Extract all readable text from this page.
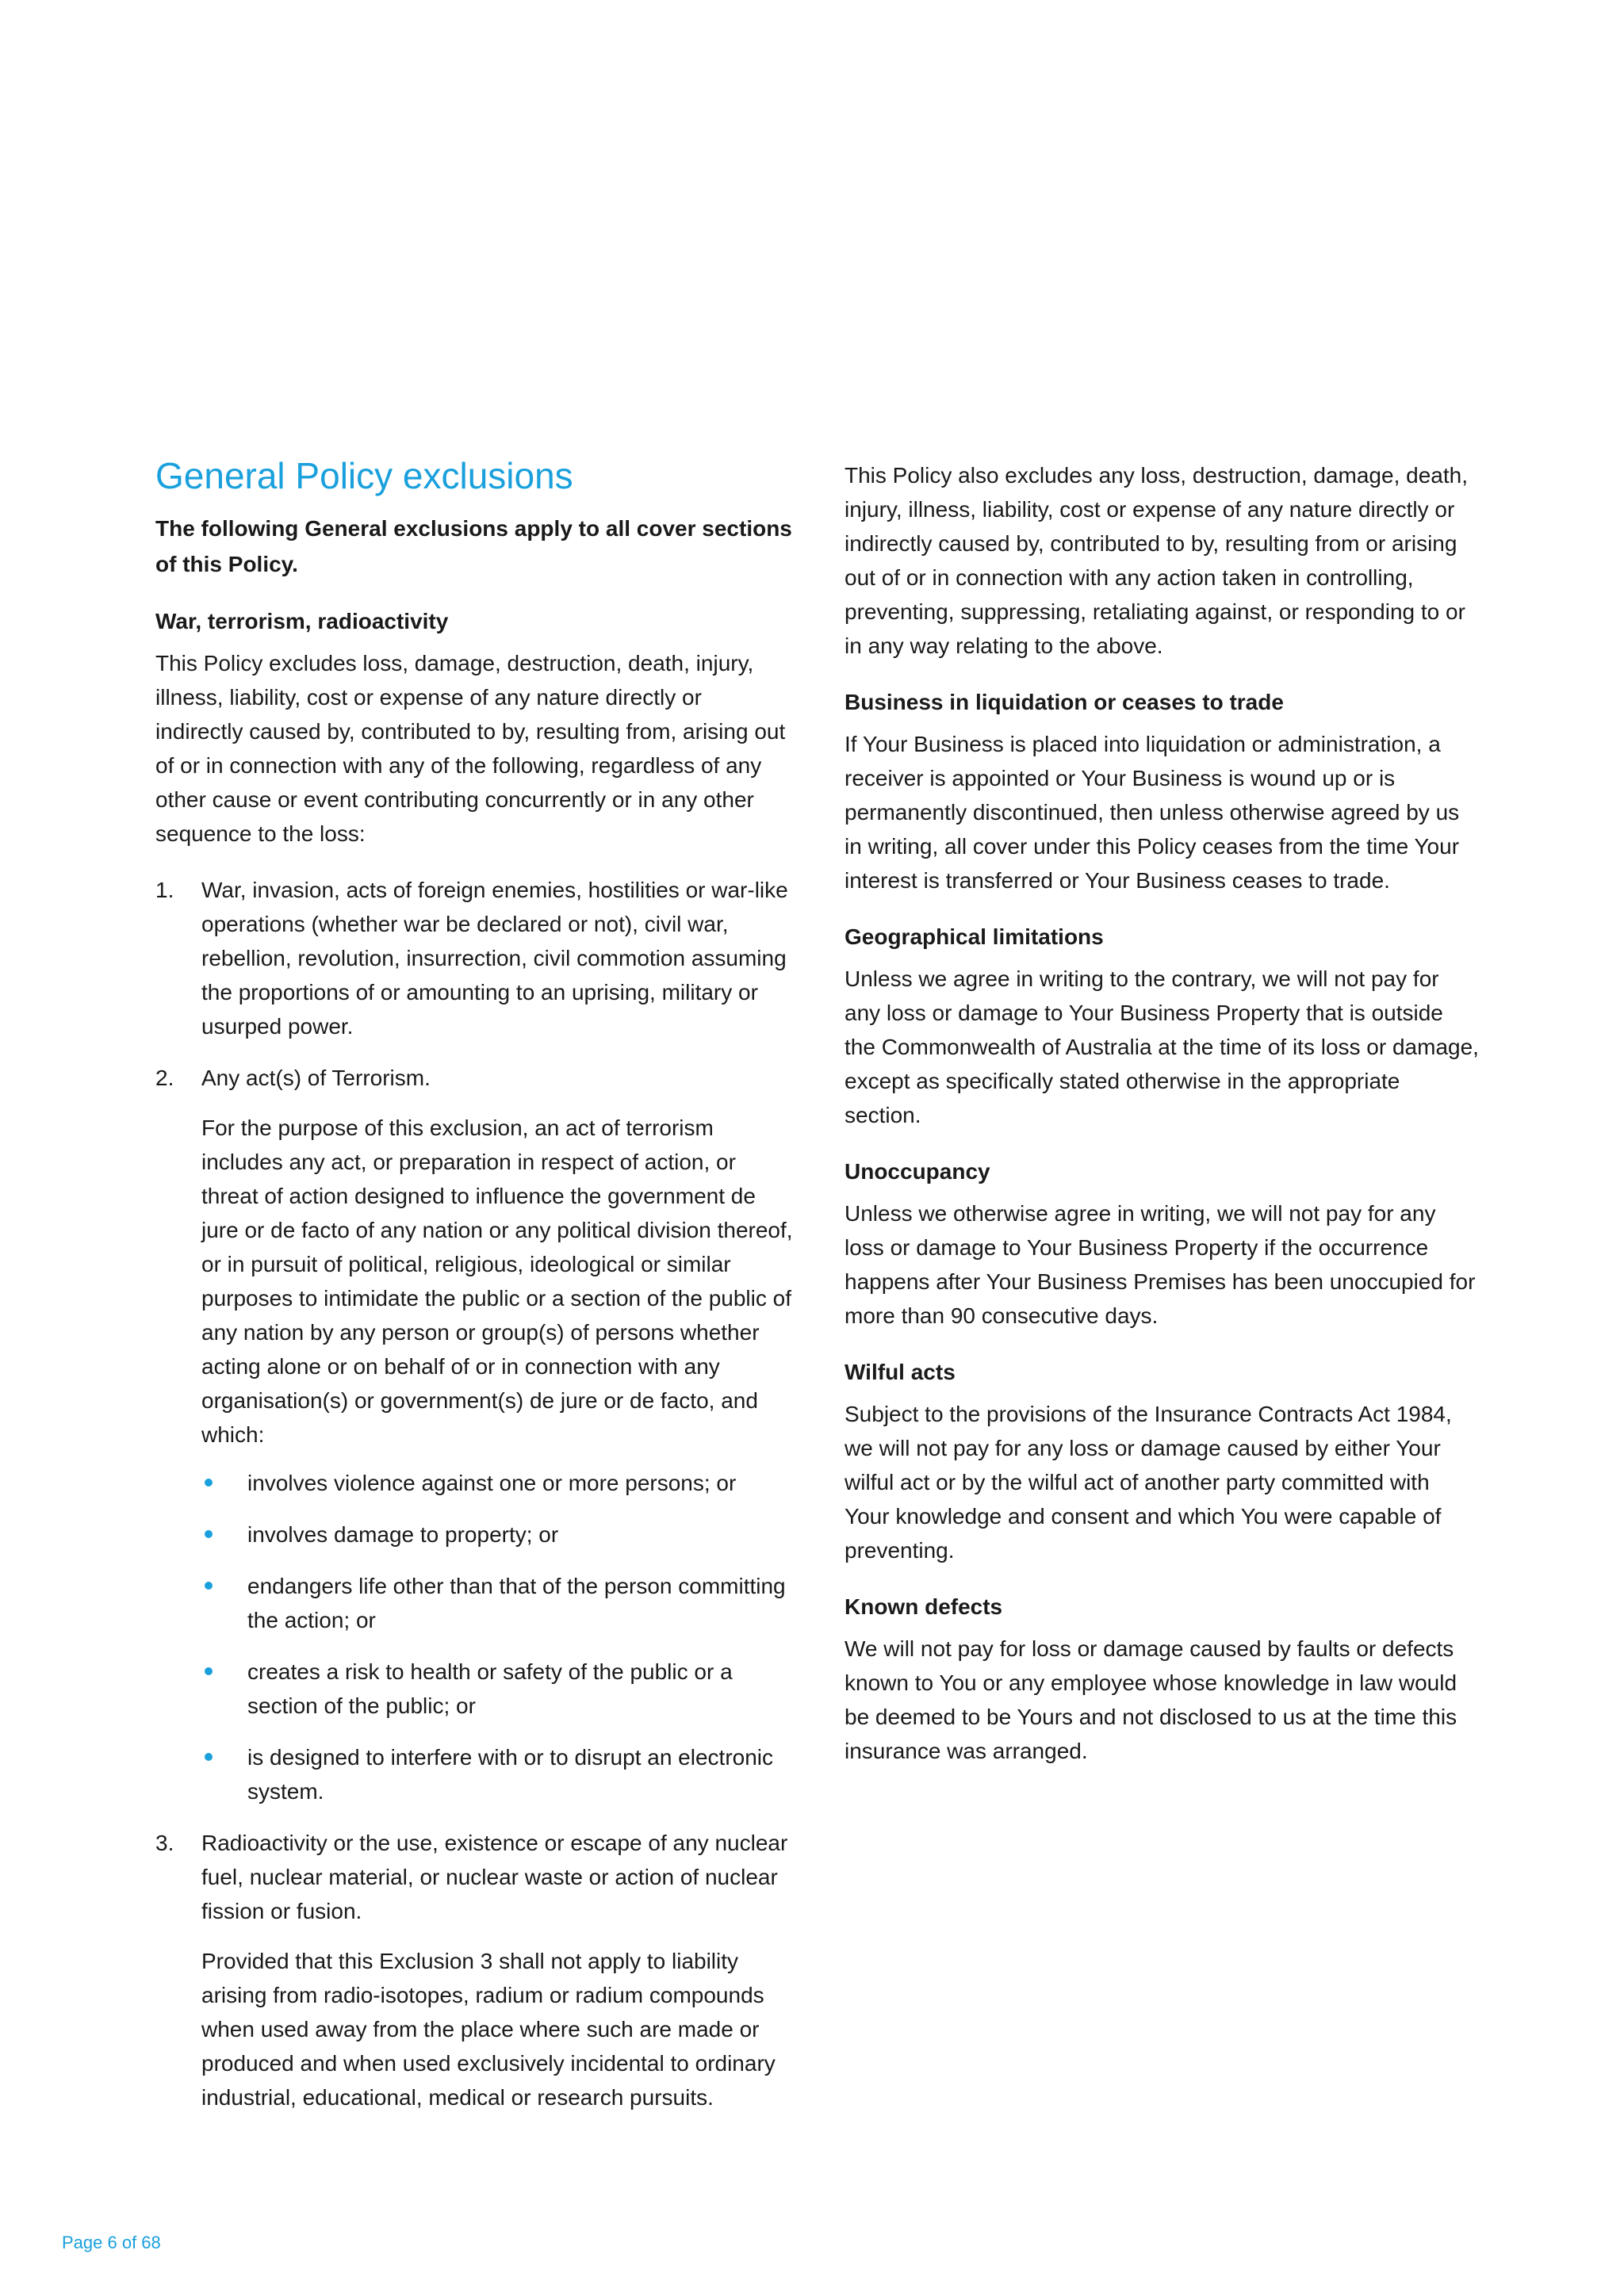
General Policy exclusions

The following General exclusions apply to all cover sections of this Policy.

War, terrorism, radioactivity

This Policy excludes loss, damage, destruction, death, injury, illness, liability, cost or expense of any nature directly or indirectly caused by, contributed to by, resulting from, arising out of or in connection with any of the following, regardless of any other cause or event contributing concurrently or in any other sequence to the loss:

1. War, invasion, acts of foreign enemies, hostilities or war-like operations (whether war be declared or not), civil war, rebellion, revolution, insurrection, civil commotion assuming the proportions of or amounting to an uprising, military or usurped power.

2. Any act(s) of Terrorism.

For the purpose of this exclusion, an act of terrorism includes any act, or preparation in respect of action, or threat of action designed to influence the government de jure or de facto of any nation or any political division thereof, or in pursuit of political, religious, ideological or similar purposes to intimidate the public or a section of the public of any nation by any person or group(s) of persons whether acting alone or on behalf of or in connection with any organisation(s) or government(s) de jure or de facto, and which:

involves violence against one or more persons; or

involves damage to property; or

endangers life other than that of the person committing the action; or

creates a risk to health or safety of the public or a section of the public; or

is designed to interfere with or to disrupt an electronic system.

3. Radioactivity or the use, existence or escape of any nuclear fuel, nuclear material, or nuclear waste or action of nuclear fission or fusion.

Provided that this Exclusion 3 shall not apply to liability arising from radio-isotopes, radium or radium compounds when used away from the place where such are made or produced and when used exclusively incidental to ordinary industrial, educational, medical or research pursuits.

This Policy also excludes any loss, destruction, damage, death, injury, illness, liability, cost or expense of any nature directly or indirectly caused by, contributed to by, resulting from or arising out of or in connection with any action taken in controlling, preventing, suppressing, retaliating against, or responding to or in any way relating to the above.

Business in liquidation or ceases to trade

If Your Business is placed into liquidation or administration, a receiver is appointed or Your Business is wound up or is permanently discontinued, then unless otherwise agreed by us in writing, all cover under this Policy ceases from the time Your interest is transferred or Your Business ceases to trade.

Geographical limitations

Unless we agree in writing to the contrary, we will not pay for any loss or damage to Your Business Property that is outside the Commonwealth of Australia at the time of its loss or damage, except as specifically stated otherwise in the appropriate section.

Unoccupancy

Unless we otherwise agree in writing, we will not pay for any loss or damage to Your Business Property if the occurrence happens after Your Business Premises has been unoccupied for more than 90 consecutive days.

Wilful acts

Subject to the provisions of the Insurance Contracts Act 1984, we will not pay for any loss or damage caused by either Your wilful act or by the wilful act of another party committed with Your knowledge and consent and which You were capable of preventing.

Known defects

We will not pay for loss or damage caused by faults or defects known to You or any employee whose knowledge in law would be deemed to be Yours and not disclosed to us at the time this insurance was arranged.

Page 6 of 68
